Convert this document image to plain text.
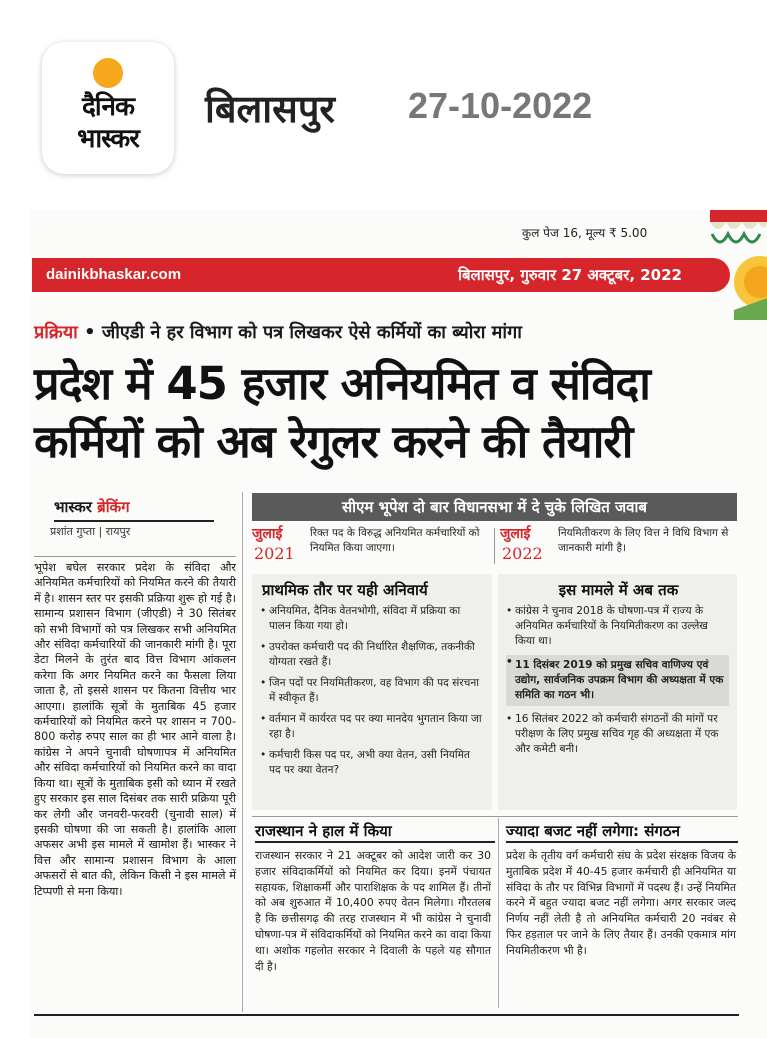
दैनिक
भास्कर
बिलासपुर 27-10-2022
कुल पेज 16, मूल्य ₹ 5.00
dainikbhaskar.com	बिलासपुर, गुरुवार 27 अक्टूबर, 2022
प्रक्रिया • जीएडी ने हर विभाग को पत्र लिखकर ऐसे कर्मियों का ब्योरा मांगा
प्रदेश में 45 हजार अनियमित व संविदा कर्मियों को अब रेगुलर करने की तैयारी
भास्कर ब्रेकिंग
प्रशांत गुप्ता | रायपुर
भूपेश बघेल सरकार प्रदेश के संविदा और अनियमित कर्मचारियों को नियमित करने की तैयारी में है। शासन स्तर पर इसकी प्रक्रिया शुरू हो गई है। सामान्य प्रशासन विभाग (जीएडी) ने 30 सितंबर को सभी विभागों को पत्र लिखकर सभी अनियमित और संविदा कर्मचारियों की जानकारी मांगी है। पूरा डेटा मिलने के तुरंत बाद वित्त विभाग आंकलन करेगा कि अगर नियमित करने का फैसला लिया जाता है, तो इससे शासन पर कितना वित्तीय भार आएगा। हालांकि सूत्रों के मुताबिक 45 हजार कर्मचारियों को नियमित करने पर शासन न 700-800 करोड़ रुपए साल का ही भार आने वाला है। कांग्रेस ने अपने चुनावी घोषणापत्र में अनियमित और संविदा कर्मचारियों को नियमित करने का वादा किया था। सूत्रों के मुताबिक इसी को ध्यान में रखते हुए सरकार इस साल दिसंबर तक सारी प्रक्रिया पूरी कर लेगी और जनवरी-फरवरी (चुनावी साल) में इसकी घोषणा की जा सकती है। हालांकि आला अफसर अभी इस मामले में खामोश हैं। भास्कर ने वित्त और सामान्य प्रशासन विभाग के आला अफसरों से बात की, लेकिन किसी ने इस मामले में टिप्पणी से मना किया।
सीएम भूपेश दो बार विधानसभा में दे चुके लिखित जवाब
जुलाई
2021
रिक्त पद के विरुद्ध अनियमित कर्मचारियों को नियमित किया जाएगा।
जुलाई
2022
नियमितीकरण के लिए वित्त ने विधि विभाग से जानकारी मांगी है।
प्राथमिक तौर पर यही अनिवार्य
• अनियमित, दैनिक वेतनभोगी, संविदा में प्रक्रिया का पालन किया गया हो।
• उपरोक्त कर्मचारी पद की निर्धारित शैक्षणिक, तकनीकी योग्यता रखते हैं।
• जिन पदों पर नियमितीकरण, वह विभाग की पद संरचना में स्वीकृत हैं।
• वर्तमान में कार्यरत पद पर क्या मानदेय भुगतान किया जा रहा है।
• कर्मचारी किस पद पर, अभी क्या वेतन, उसी नियमित पद पर क्या वेतन?
इस मामले में अब तक
• कांग्रेस ने चुनाव 2018 के घोषणा-पत्र में राज्य के अनियमित कर्मचारियों के नियमितीकरण का उल्लेख किया था।
• 11 दिसंबर 2019 को प्रमुख सचिव वाणिज्य एवं उद्योग, सार्वजनिक उपक्रम विभाग की अध्यक्षता में एक समिति का गठन भी।
• 16 सितंबर 2022 को कर्मचारी संगठनों की मांगों पर परीक्षण के लिए प्रमुख सचिव गृह की अध्यक्षता में एक और कमेटी बनी।
राजस्थान ने हाल में किया
राजस्थान सरकार ने 21 अक्टूबर को आदेश जारी कर 30 हजार संविदाकर्मियों को नियमित कर दिया। इनमें पंचायत सहायक, शिक्षाकर्मी और पाराशिक्षक के पद शामिल हैं। तीनों को अब शुरुआत में 10,400 रुपए वेतन मिलेगा। गौरतलब है कि छत्तीसगढ़ की तरह राजस्थान में भी कांग्रेस ने चुनावी घोषणा-पत्र में संविदाकर्मियों को नियमित करने का वादा किया था। अशोक गहलोत सरकार ने दिवाली के पहले यह सौगात दी है।
ज्यादा बजट नहीं लगेगा: संगठन
प्रदेश के तृतीय वर्ग कर्मचारी संघ के प्रदेश संरक्षक विजय के मुताबिक प्रदेश में 40-45 हजार कर्मचारी ही अनियमित या संविदा के तौर पर विभिन्न विभागों में पदस्थ हैं। उन्हें नियमित करने में बहुत ज्यादा बजट नहीं लगेगा। अगर सरकार जल्द निर्णय नहीं लेती है तो अनियमित कर्मचारी 20 नवंबर से फिर हड़ताल पर जाने के लिए तैयार हैं। उनकी एकमात्र मांग नियमितीकरण भी है।
